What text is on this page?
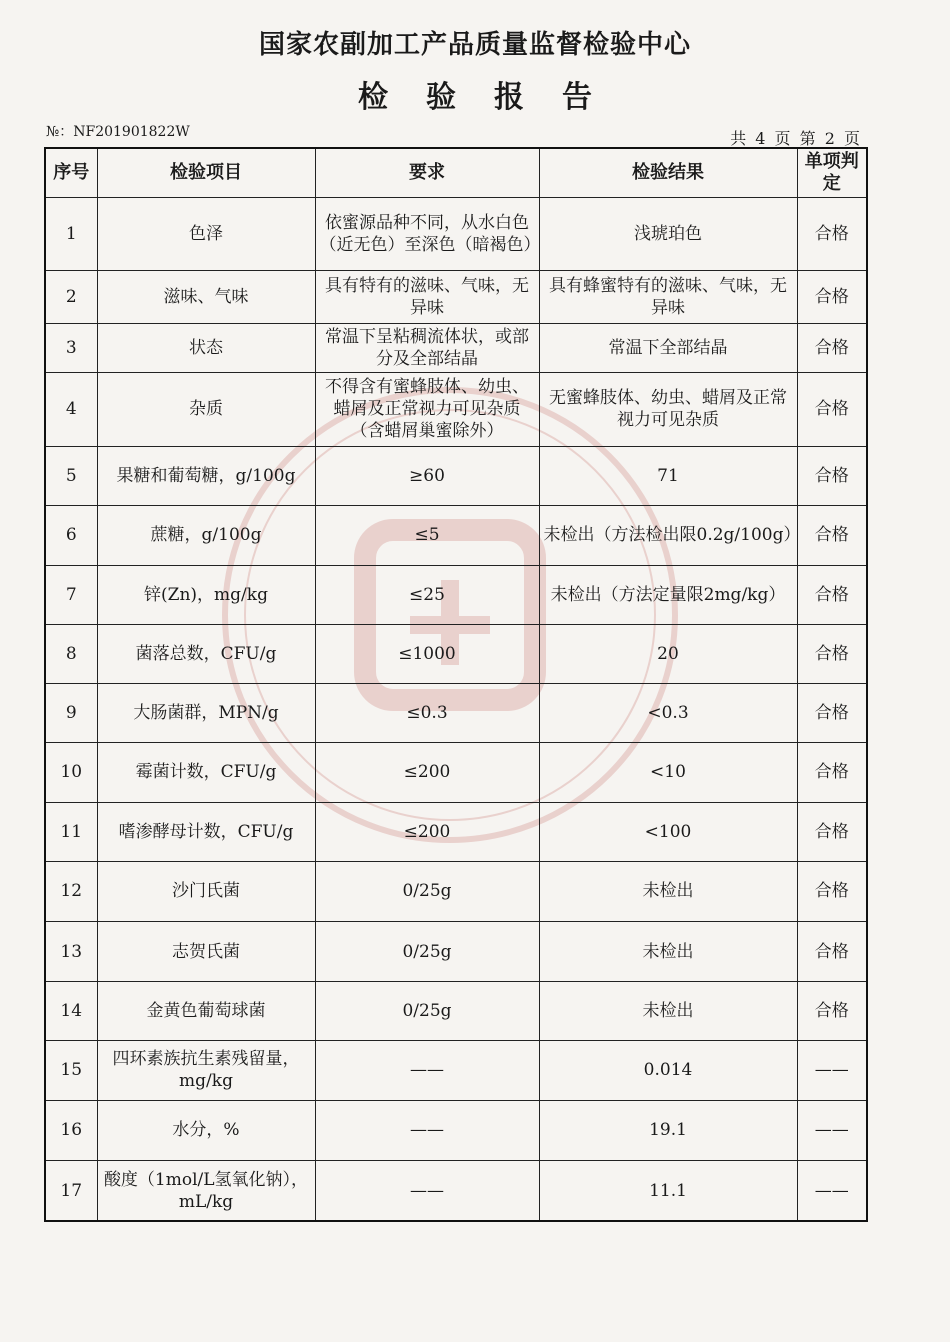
国家农副加工产品质量监督检验中心
检验报告
№：NF201901822W	共 4 页 第 2 页
序号	检验项目	要求	检验结果	单项判定
1	色泽	依蜜源品种不同，从水白色（近无色）至深色（暗褐色）	浅琥珀色	合格
2	滋味、气味	具有特有的滋味、气味，无异味	具有蜂蜜特有的滋味、气味，无异味	合格
3	状态	常温下呈粘稠流体状，或部分及全部结晶	常温下全部结晶	合格
4	杂质	不得含有蜜蜂肢体、幼虫、蜡屑及正常视力可见杂质（含蜡屑巢蜜除外）	无蜜蜂肢体、幼虫、蜡屑及正常视力可见杂质	合格
5	果糖和葡萄糖，g/100g	≥60	71	合格
6	蔗糖，g/100g	≤5	未检出（方法检出限0.2g/100g）	合格
7	锌(Zn)，mg/kg	≤25	未检出（方法定量限2mg/kg）	合格
8	菌落总数，CFU/g	≤1000	20	合格
9	大肠菌群，MPN/g	≤0.3	<0.3	合格
10	霉菌计数，CFU/g	≤200	<10	合格
11	嗜渗酵母计数，CFU/g	≤200	<100	合格
12	沙门氏菌	0/25g	未检出	合格
13	志贺氏菌	0/25g	未检出	合格
14	金黄色葡萄球菌	0/25g	未检出	合格
15	四环素族抗生素残留量，mg/kg	——	0.014	——
16	水分，%	——	19.1	——
17	酸度（1mol/L氢氧化钠），mL/kg	——	11.1	——
